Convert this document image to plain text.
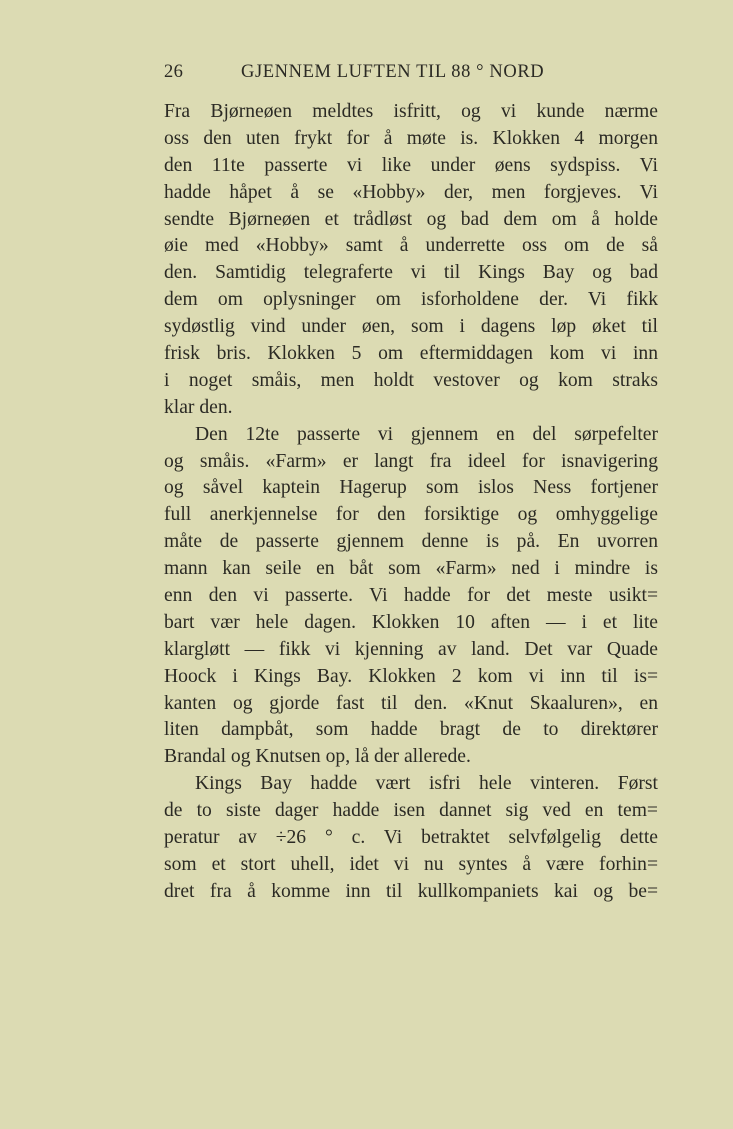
26	GJENNEM LUFTEN TIL 88 ° NORD
Fra Bjørneøen meldtes isfritt, og vi kunde nærme
oss den uten frykt for å møte is. Klokken 4 morgen
den 11te passerte vi like under øens sydspiss. Vi
hadde håpet å se «Hobby» der, men forgjeves. Vi
sendte Bjørneøen et trådløst og bad dem om å holde
øie med «Hobby» samt å underrette oss om de så
den. Samtidig telegraferte vi til Kings Bay og bad
dem om oplysninger om isforholdene der. Vi fikk
sydøstlig vind under øen, som i dagens løp øket til
frisk bris. Klokken 5 om eftermiddagen kom vi inn
i noget småis, men holdt vestover og kom straks
klar den.
Den 12te passerte vi gjennem en del sørpefelter
og småis. «Farm» er langt fra ideel for isnavigering
og såvel kaptein Hagerup som islos Ness fortjener
full anerkjennelse for den forsiktige og omhyggelige
måte de passerte gjennem denne is på. En uvorren
mann kan seile en båt som «Farm» ned i mindre is
enn den vi passerte. Vi hadde for det meste usikt=
bart vær hele dagen. Klokken 10 aften — i et lite
klargløtt — fikk vi kjenning av land. Det var Quade
Hoock i Kings Bay. Klokken 2 kom vi inn til is=
kanten og gjorde fast til den. «Knut Skaaluren», en
liten dampbåt, som hadde bragt de to direktører
Brandal og Knutsen op, lå der allerede.
Kings Bay hadde vært isfri hele vinteren. Først
de to siste dager hadde isen dannet sig ved en tem=
peratur av ÷26 ° c. Vi betraktet selvfølgelig dette
som et stort uhell, idet vi nu syntes å være forhin=
dret fra å komme inn til kullkompaniets kai og be=
